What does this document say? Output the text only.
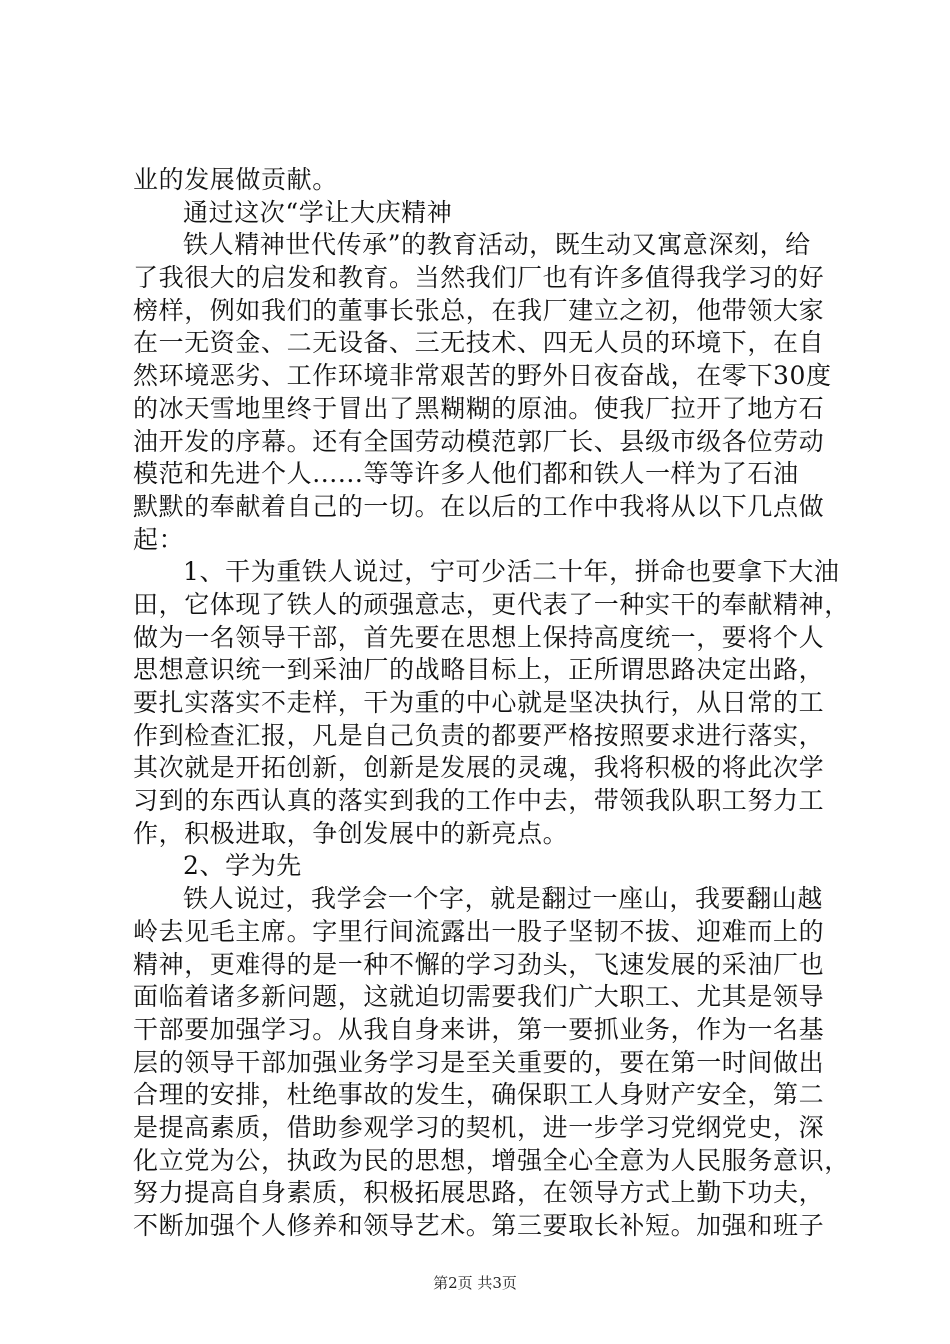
业的发展做贡献。
通过这次“学让大庆精神
铁人精神世代传承”的教育活动，既生动又寓意深刻，给
了我很大的启发和教育。当然我们厂也有许多值得我学习的好
榜样，例如我们的董事长张总，在我厂建立之初，他带领大家
在一无资金、二无设备、三无技术、四无人员的环境下，在自
然环境恶劣、工作环境非常艰苦的野外日夜奋战，在零下30度
的冰天雪地里终于冒出了黑糊糊的原油。使我厂拉开了地方石
油开发的序幕。还有全国劳动模范郭厂长、县级市级各位劳动
模范和先进个人......等等许多人他们都和铁人一样为了石油
默默的奉献着自己的一切。在以后的工作中我将从以下几点做
起：
1、干为重铁人说过，宁可少活二十年，拼命也要拿下大油
田，它体现了铁人的顽强意志，更代表了一种实干的奉献精神，
做为一名领导干部，首先要在思想上保持高度统一，要将个人
思想意识统一到采油厂的战略目标上，正所谓思路决定出路，
要扎实落实不走样，干为重的中心就是坚决执行，从日常的工
作到检查汇报，凡是自己负责的都要严格按照要求进行落实，
其次就是开拓创新，创新是发展的灵魂，我将积极的将此次学
习到的东西认真的落实到我的工作中去，带领我队职工努力工
作，积极进取，争创发展中的新亮点。
2、学为先
铁人说过，我学会一个字，就是翻过一座山，我要翻山越
岭去见毛主席。字里行间流露出一股子坚韧不拔、迎难而上的
精神，更难得的是一种不懈的学习劲头，飞速发展的采油厂也
面临着诸多新问题，这就迫切需要我们广大职工、尤其是领导
干部要加强学习。从我自身来讲，第一要抓业务，作为一名基
层的领导干部加强业务学习是至关重要的，要在第一时间做出
合理的安排，杜绝事故的发生，确保职工人身财产安全，第二
是提高素质，借助参观学习的契机，进一步学习党纲党史，深
化立党为公，执政为民的思想，增强全心全意为人民服务意识，
努力提高自身素质，积极拓展思路，在领导方式上勤下功夫，
不断加强个人修养和领导艺术。第三要取长补短。加强和班子
第2页 共3页
